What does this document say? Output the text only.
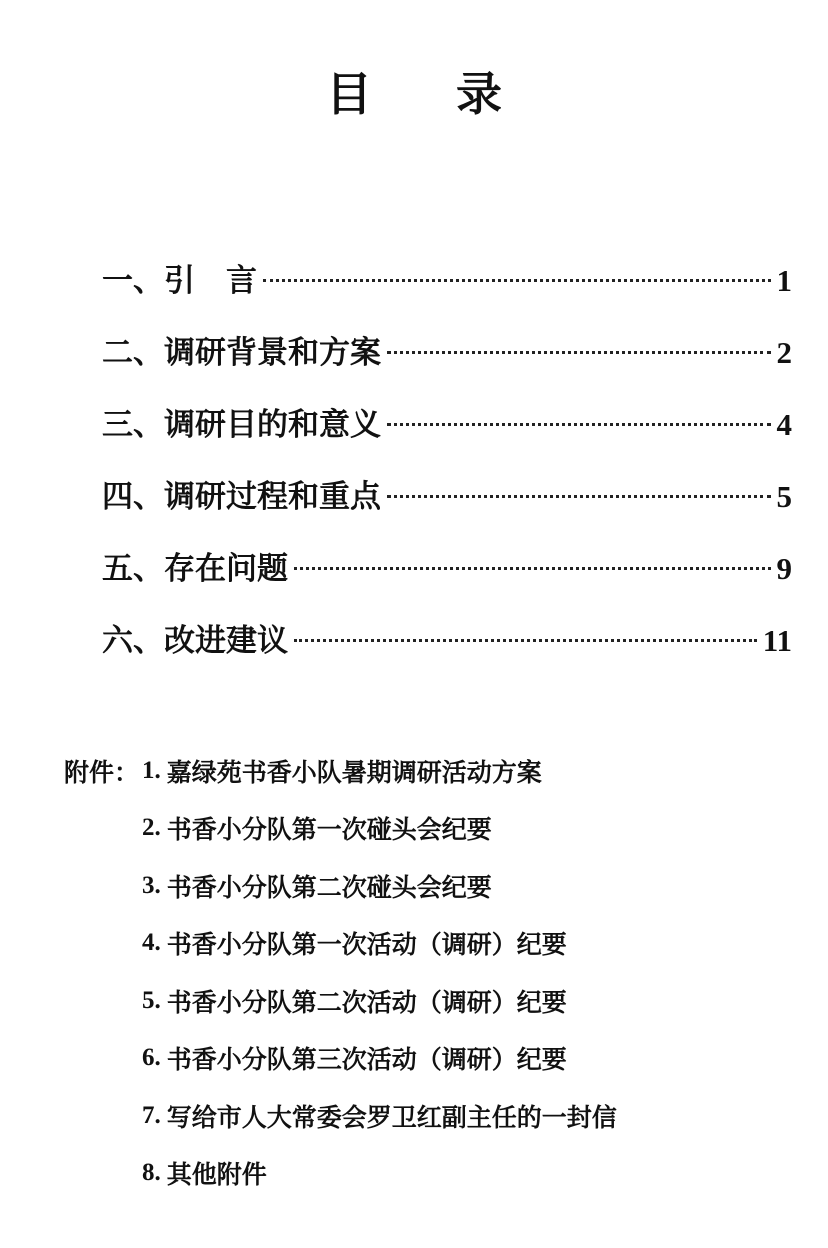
目 录
一、引　言	1
二、调研背景和方案	2
三、调研目的和意义	4
四、调研过程和重点	5
五、存在问题	9
六、改进建议	11
附件： 1. 嘉绿苑书香小队暑期调研活动方案
2. 书香小分队第一次碰头会纪要
3. 书香小分队第二次碰头会纪要
4. 书香小分队第一次活动（调研）纪要
5. 书香小分队第二次活动（调研）纪要
6. 书香小分队第三次活动（调研）纪要
7. 写给市人大常委会罗卫红副主任的一封信
8. 其他附件
